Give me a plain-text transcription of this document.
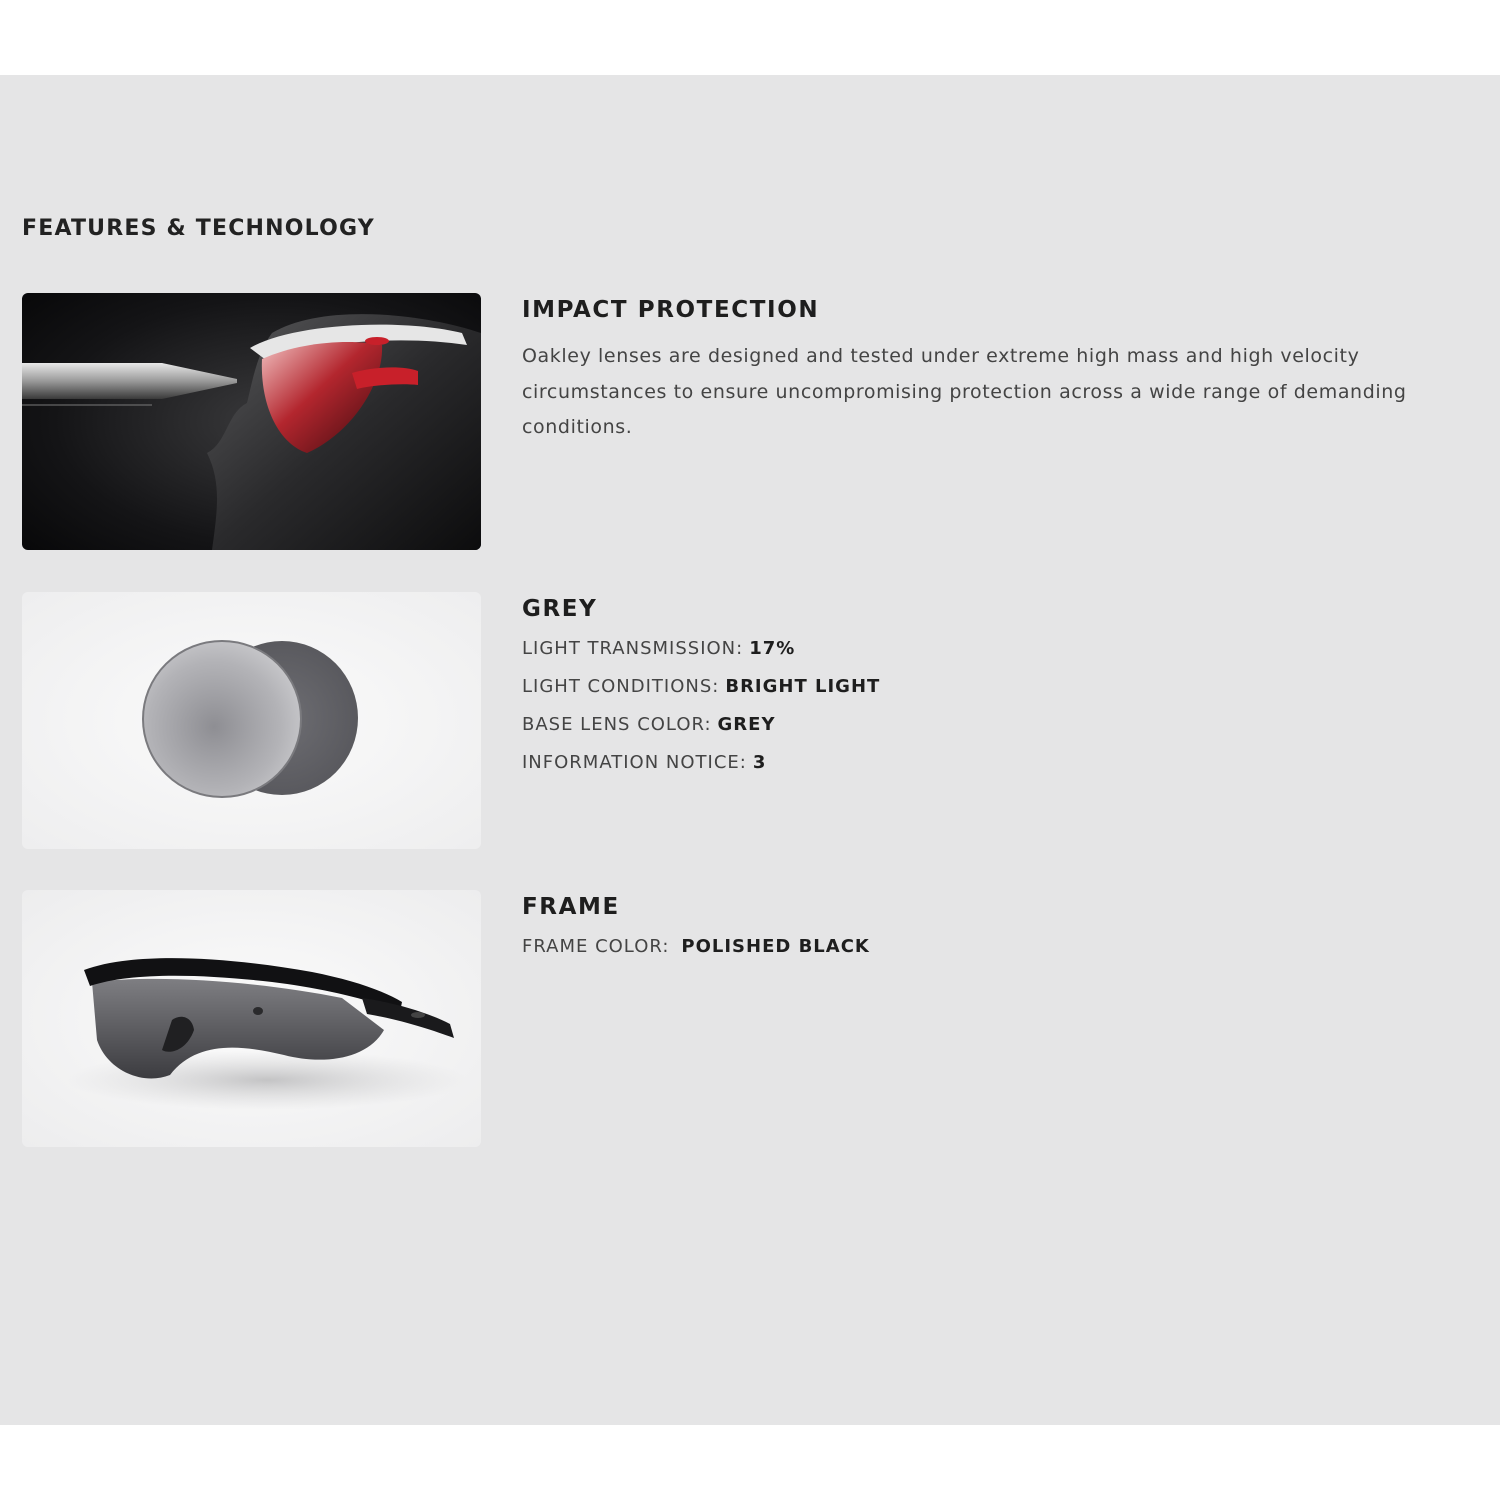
FEATURES & TECHNOLOGY
IMPACT PROTECTION
Oakley lenses are designed and tested under extreme high mass and high velocity circumstances to ensure uncompromising protection across a wide range of demanding conditions.
GREY
LIGHT TRANSMISSION: 17%
LIGHT CONDITIONS: BRIGHT LIGHT
BASE LENS COLOR: GREY
INFORMATION NOTICE: 3
FRAME
FRAME COLOR: POLISHED BLACK
